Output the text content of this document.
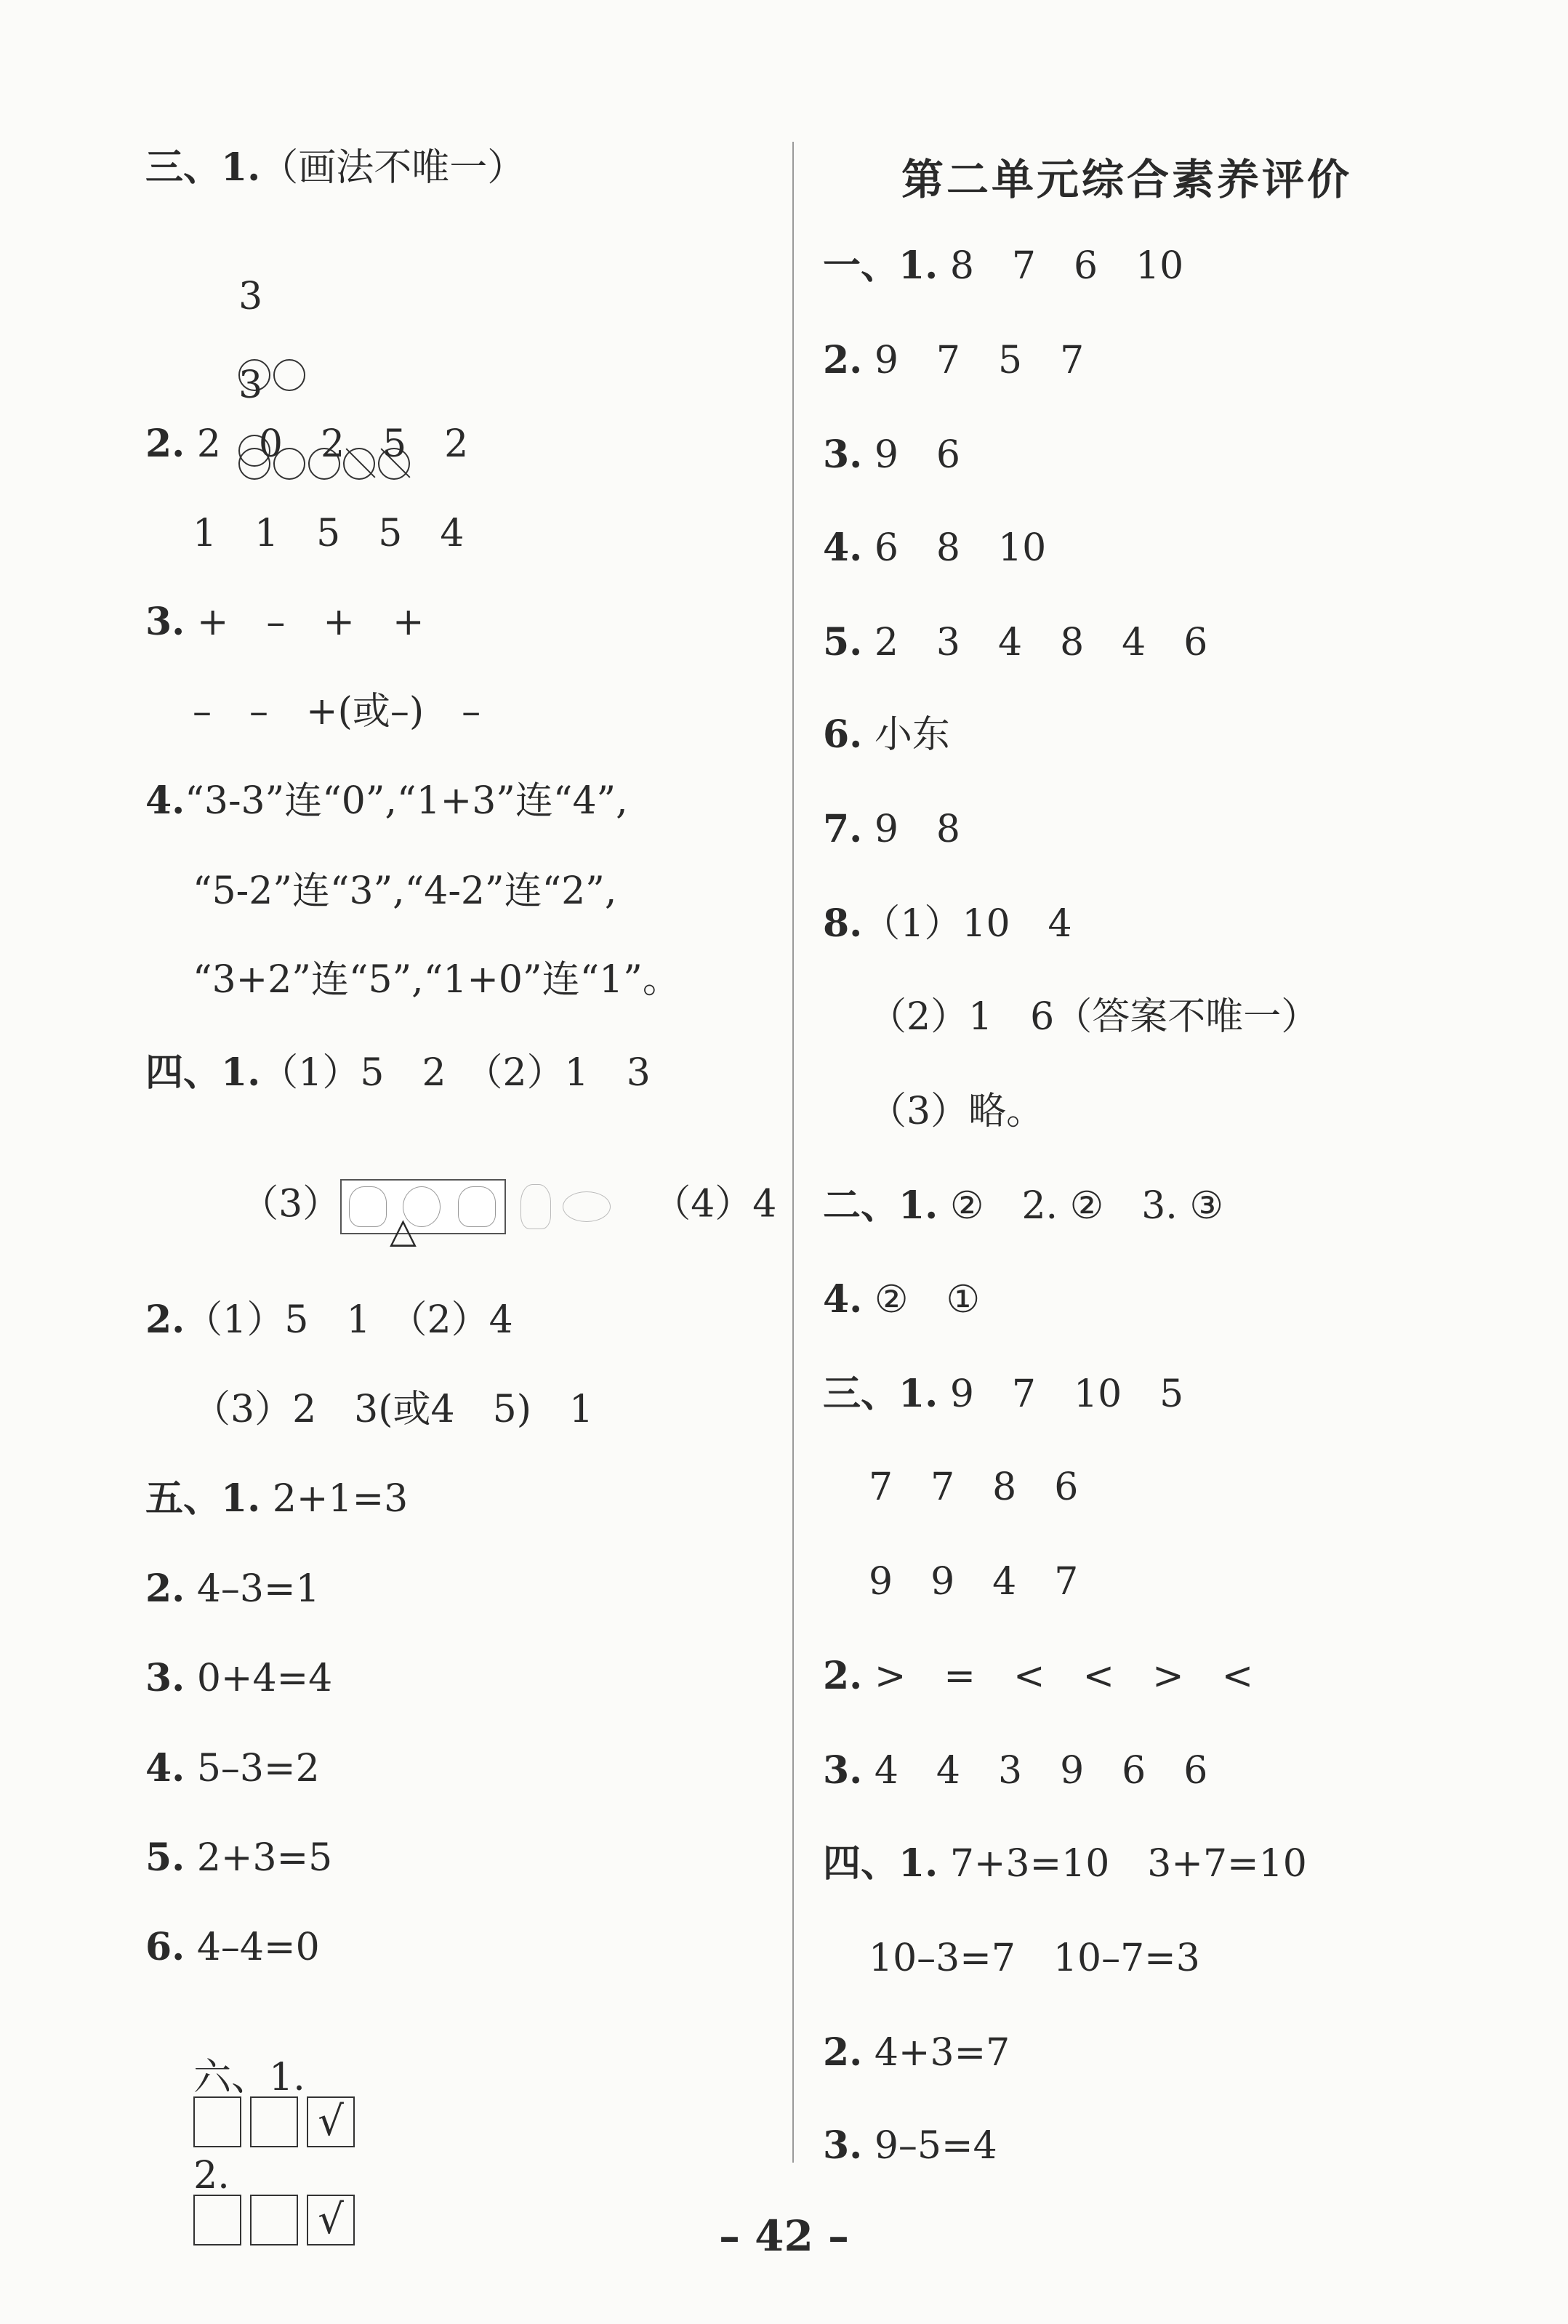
三、1.（画法不唯一）

3

3

2. 2　0　2　5　2
1　1　5　5　4
3. +　–　+　+
–　–　+(或–)　–
4.“3-3”连“0”,“1+3”连“4”,
“5-2”连“3”,“4-2”连“2”,
“3+2”连“5”,“1+0”连“1”。
四、1.（1）5　2　（2）1　3

（3）

	（4）4

△
2.（1）5　1　（2）4
（3）2　3(或4　5)　1
五、1. 2+1=3
2. 4–3=1
3. 0+4=4
4. 5–3=2
5. 2+3=5
6. 4–4=0

六、1.
√

2.
√

第二单元综合素养评价
一、1. 8　7　6　10
2. 9　7　5　7
3. 9　6
4. 6　8　10
5. 2　3　4　8　4　6
6. 小东
7. 9　8
8.（1）10　4
（2）1　6（答案不唯一）
（3）略。
二、1. ②　2. ②　3. ③
4. ②　①
三、1. 9　7　10　5
7　7　8　6
9　9　4　7
2. >　=　<　<　>　<
3. 4　4　3　9　6　6
四、1. 7+3=10　3+7=10
10–3=7　10–7=3
2. 4+3=7
3. 9–5=4
– 42 –
